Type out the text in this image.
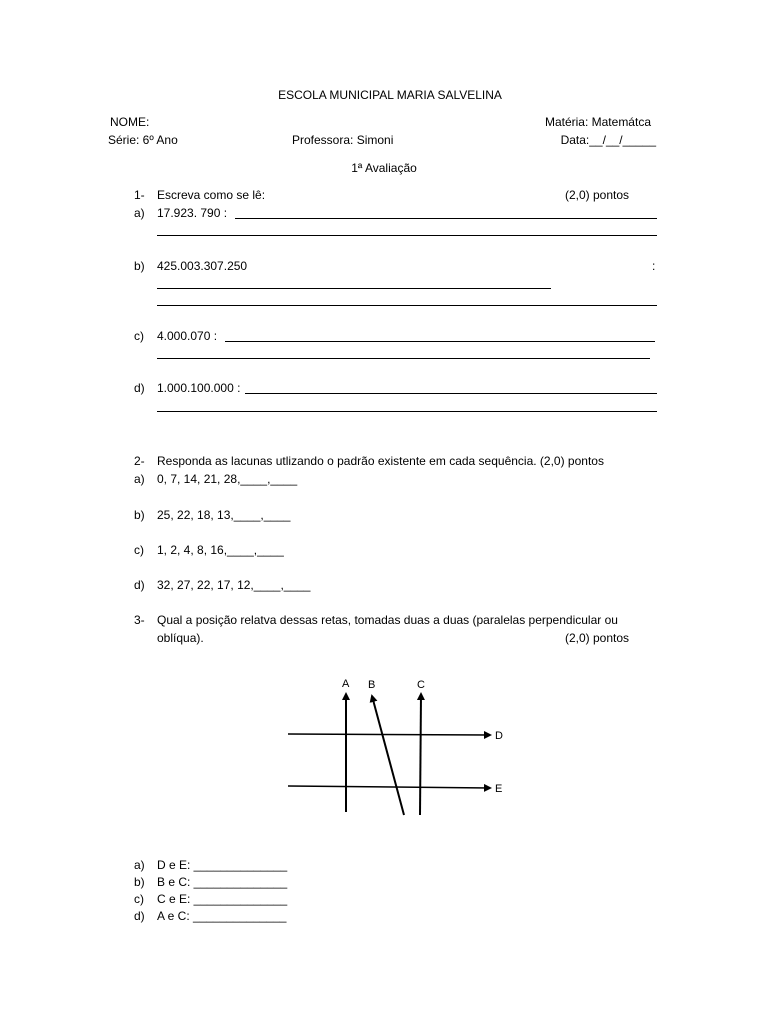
ESCOLA MUNICIPAL MARIA SALVELINA
NOME:	Matéria: Matemátca
Série: 6º Ano	Professora: Simoni	Data:__/__/_____
1ª Avaliação
1- Escreva como se lê:	(2,0) pontos
a) 17.923. 790 :
b) 425.003.307.250	:
c) 4.000.070 :
d) 1.000.100.000 :
2- Responda as lacunas utlizando o padrão existente em cada sequência. (2,0) pontos
a) 0, 7, 14, 21, 28,____,____
b) 25, 22, 18, 13,____,____
c) 1, 2, 4, 8, 16,____,____
d) 32, 27, 22, 17, 12,____,____
3- Qual a posição relatva dessas retas, tomadas duas a duas (paralelas perpendicular ou
oblíqua).	(2,0) pontos
A B	C
D
E
a) D e E: ______________
b) B e C: ______________
c) C e E: ______________
d) A e C: ______________
